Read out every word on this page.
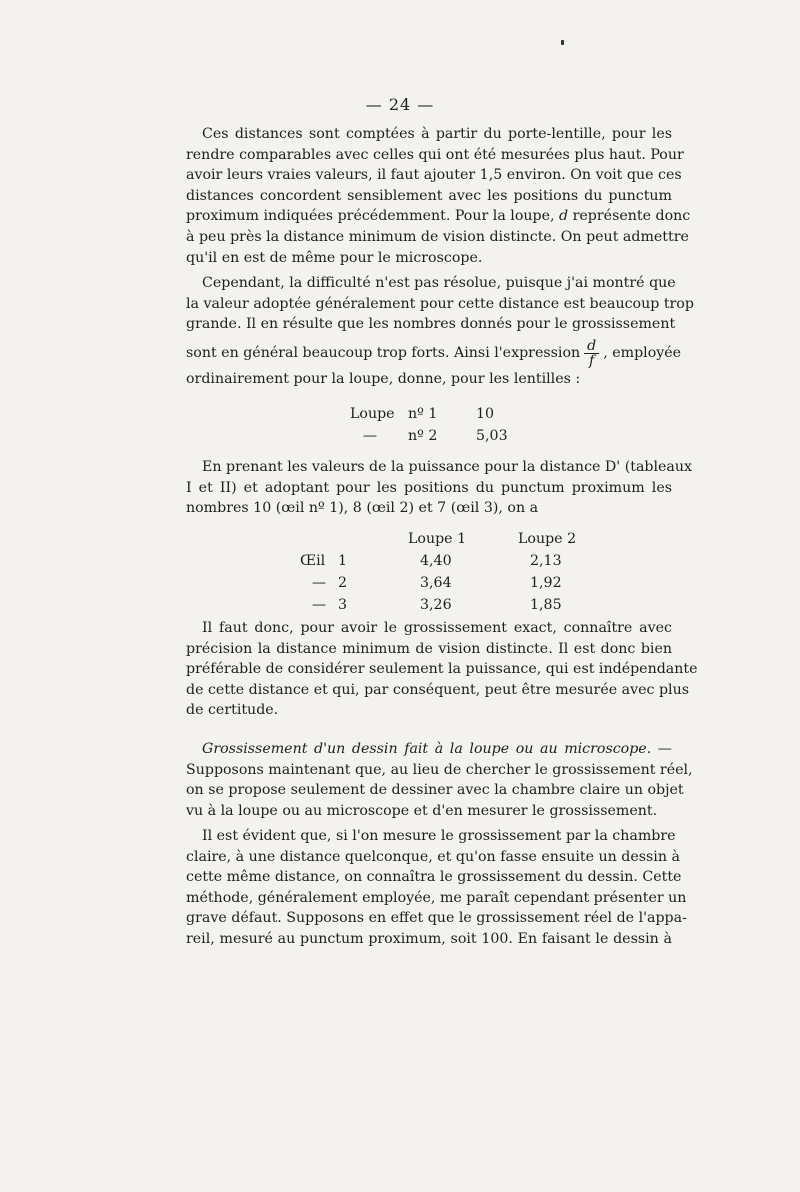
— 24 —
Ces distances sont comptées à partir du porte-lentille, pour les
rendre comparables avec celles qui ont été mesurées plus haut. Pour
avoir leurs vraies valeurs, il faut ajouter 1,5 environ. On voit que ces
distances concordent sensiblement avec les positions du punctum
proximum indiquées précédemment. Pour la loupe, d représente donc
à peu près la distance minimum de vision distincte. On peut admettre
qu'il en est de même pour le microscope.
Cependant, la difficulté n'est pas résolue, puisque j'ai montré que
la valeur adoptée généralement pour cette distance est beaucoup trop
grande. Il en résulte que les nombres donnés pour le grossissement
sont en général beaucoup trop forts. Ainsi l'expression $\frac{d}{f}$ , employée
ordinairement pour la loupe, donne, pour les lentilles :
Loupe	nº 1	10
—	nº 2	5,03
En prenant les valeurs de la puissance pour la distance D' (tableaux
I et II) et adoptant pour les positions du punctum proximum les
nombres 10 (œil nº 1), 8 (œil 2) et 7 (œil 3), on a
		Loupe 1	Loupe 2
Œil	1	4,40	2,13
—	2	3,64	1,92
—	3	3,26	1,85
Il faut donc, pour avoir le grossissement exact, connaître avec
précision la distance minimum de vision distincte. Il est donc bien
préférable de considérer seulement la puissance, qui est indépendante
de cette distance et qui, par conséquent, peut être mesurée avec plus
de certitude.
Grossissement d'un dessin fait à la loupe ou au microscope. —
Supposons maintenant que, au lieu de chercher le grossissement réel,
on se propose seulement de dessiner avec la chambre claire un objet
vu à la loupe ou au microscope et d'en mesurer le grossissement.
Il est évident que, si l'on mesure le grossissement par la chambre
claire, à une distance quelconque, et qu'on fasse ensuite un dessin à
cette même distance, on connaîtra le grossissement du dessin. Cette
méthode, généralement employée, me paraît cependant présenter un
grave défaut. Supposons en effet que le grossissement réel de l'appa-
reil, mesuré au punctum proximum, soit 100. En faisant le dessin à
